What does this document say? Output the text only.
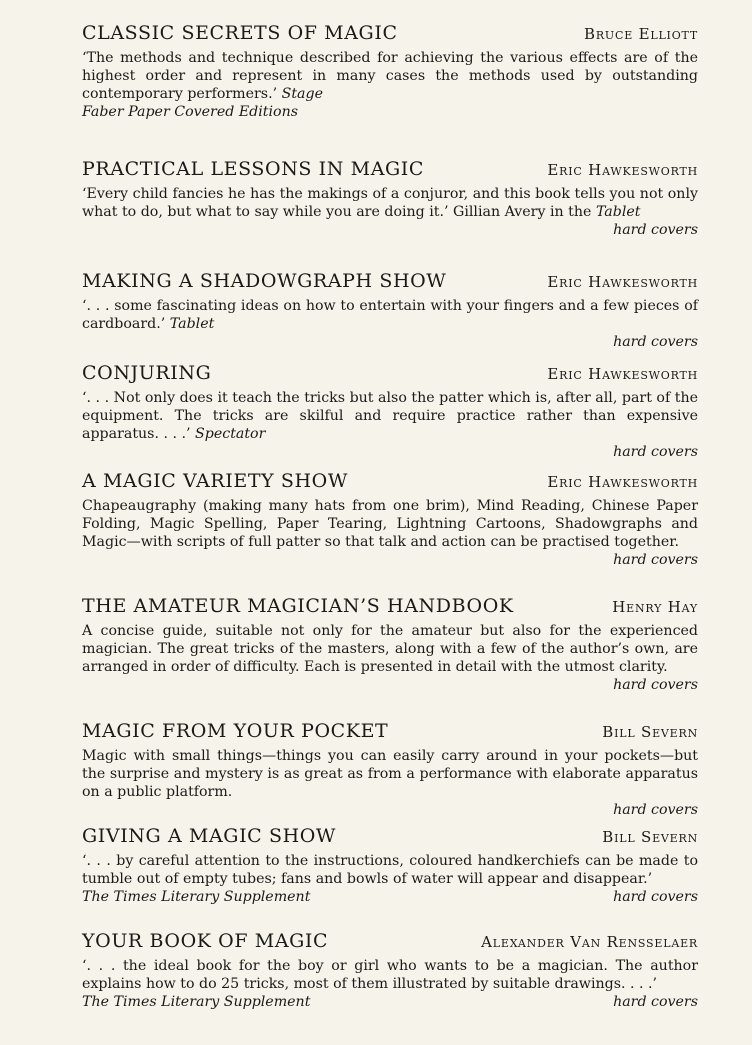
CLASSIC SECRETS OF MAGIC	Bruce Elliott
‘The methods and technique described for achieving the various effects are of the highest order and represent in many cases the methods used by outstanding contemporary performers.’ Stage
Faber Paper Covered Editions
PRACTICAL LESSONS IN MAGIC	Eric Hawkesworth
‘Every child fancies he has the makings of a conjuror, and this book tells you not only what to do, but what to say while you are doing it.’ Gillian Avery in the Tablet
hard covers
MAKING A SHADOWGRAPH SHOW	Eric Hawkesworth
‘. . . some fascinating ideas on how to entertain with your fingers and a few pieces of cardboard.’ Tablet
hard covers
CONJURING	Eric Hawkesworth
‘. . . Not only does it teach the tricks but also the patter which is, after all, part of the equipment. The tricks are skilful and require practice rather than expensive apparatus. . . .’ Spectator
hard covers
A MAGIC VARIETY SHOW	Eric Hawkesworth
Chapeaugraphy (making many hats from one brim), Mind Reading, Chinese Paper Folding, Magic Spelling, Paper Tearing, Lightning Cartoons, Shadowgraphs and Magic—with scripts of full patter so that talk and action can be practised together.
hard covers
THE AMATEUR MAGICIAN’S HANDBOOK	Henry Hay
A concise guide, suitable not only for the amateur but also for the experienced magician. The great tricks of the masters, along with a few of the author’s own, are arranged in order of difficulty. Each is presented in detail with the utmost clarity.
hard covers
MAGIC FROM YOUR POCKET	Bill Severn
Magic with small things—things you can easily carry around in your pockets—but the surprise and mystery is as great as from a performance with elaborate apparatus on a public platform.
hard covers
GIVING A MAGIC SHOW	Bill Severn
‘. . . by careful attention to the instructions, coloured handkerchiefs can be made to tumble out of empty tubes; fans and bowls of water will appear and disappear.’
The Times Literary Supplement	hard covers
YOUR BOOK OF MAGIC	Alexander Van Rensselaer
‘. . . the ideal book for the boy or girl who wants to be a magician. The author explains how to do 25 tricks, most of them illustrated by suitable drawings. . . .’
The Times Literary Supplement	hard covers
